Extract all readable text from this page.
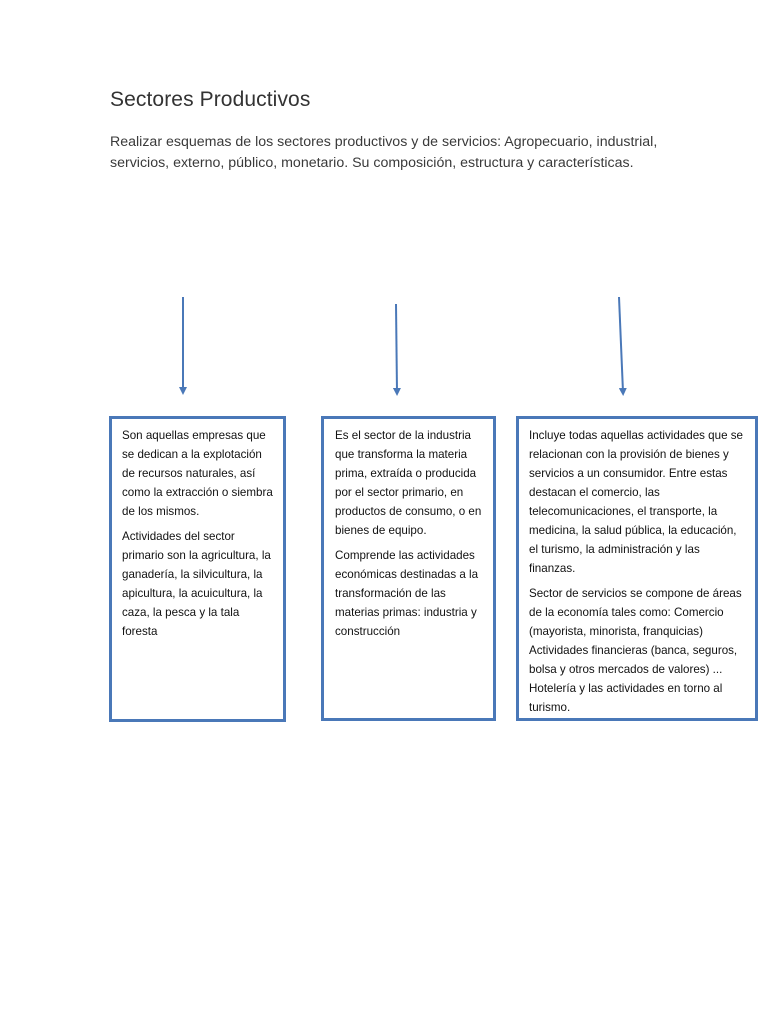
Sectores Productivos
Realizar esquemas de los sectores productivos y de servicios: Agropecuario, industrial, servicios, externo, público, monetario. Su composición, estructura y características.

Son aquellas empresas que se dedican a la explotación de recursos naturales, así como la extracción o siembra de los mismos.

Actividades del sector primario son la agricultura, la ganadería, la silvicultura, la apicultura, la acuicultura, la caza, la pesca y la tala foresta

Es el sector de la industria que transforma la materia prima, extraída o producida por el sector primario, en productos de consumo, o en bienes de equipo.

Comprende las actividades económicas destinadas a la transformación de las materias primas: industria y construcción

Incluye todas aquellas actividades que se relacionan con la provisión de bienes y servicios a un consumidor. Entre estas destacan el comercio, las telecomunicaciones, el transporte, la medicina, la salud pública, la educación, el turismo, la administración y las finanzas.

Sector de servicios se compone de áreas de la economía tales como: Comercio (mayorista, minorista, franquicias) Actividades financieras (banca, seguros, bolsa y otros mercados de valores) ... Hotelería y las actividades en torno al turismo.
